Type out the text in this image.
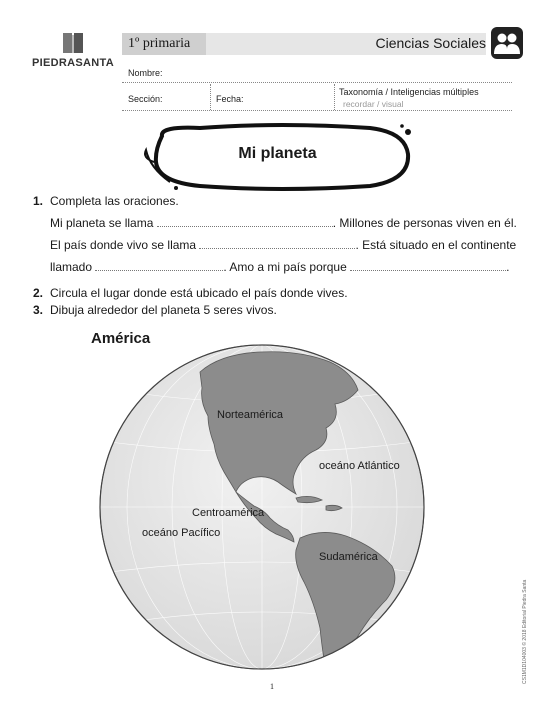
PIEDRASANTA
1º primaria	Ciencias Sociales
Nombre:
Sección:	Fecha:
Taxonomía / Inteligencias múltiples
recordar / visual
Mi planeta
1. Completa las oraciones.
Mi planeta se llama	. Millones de personas viven en él.
El país donde vivo se llama	. Está situado en el continente
llamado	. Amo a mi país porque	.
2. Circula el lugar donde está ubicado el país donde vives.
3. Dibuja alrededor del planeta 5 seres vivos.
América
Norteamérica
oceáno Atlántico
Centroamérica
oceáno Pacífico
Sudamérica
1
CS1M1D104003 © 2018 Editorial Piedra Santa
